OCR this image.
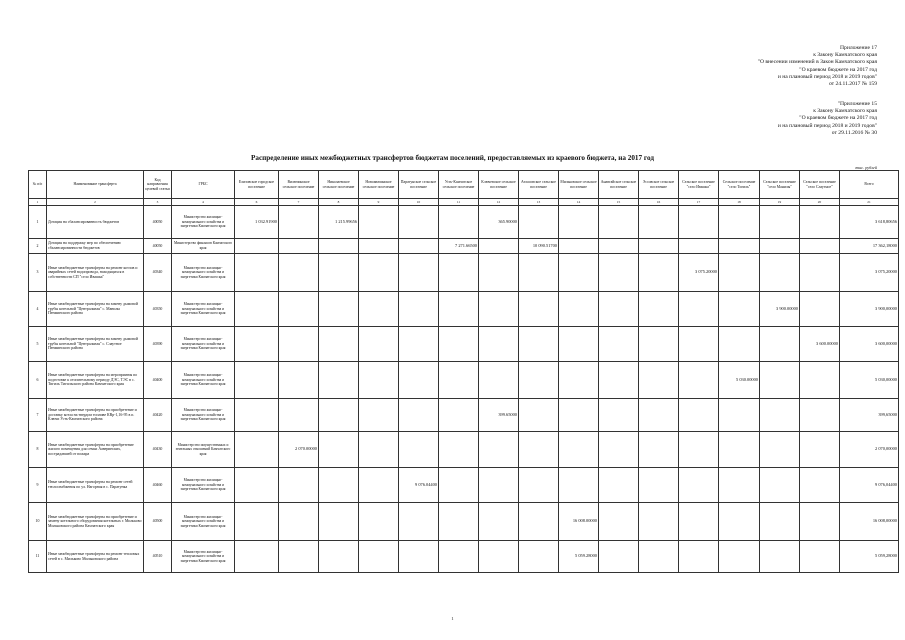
Приложение 17
к Закону Камчатского края
"О внесении изменений в Закон Камчатского края
"О краевом бюджете на 2017 год
и на плановый период 2018 и 2019 годов"
от 24.11.2017 № 159
"Приложение 15
к Закону Камчатского края
"О краевом бюджете на 2017 год
и на плановый период 2018 и 2019 годов"
от 29.11.2016 № 30
Распределение иных межбюджетных трансфертов бюджетам поселений, предоставляемых из краевого бюджета, на 2017 год
тыс. рублей
№ п/п	Наименование трансферта	Код направления целевой статьи	ГРБС	Елизовское городское поселение	Вилючинское сельское поселение	Николаевское сельское поселение	Новоавачинское сельское поселение	Паратунское сельское поселение	Усть-Камчатское сельское поселение	Ключевское сельское поселение	Атласовское сельское поселение	Мильковское сельское поселение	Анавгайское сельское поселение	Эссовское сельское поселение	Сельское поселение "село Ивашка"	Сельское поселение "село Тигиль"	Сельское поселение "село Манилы"	Сельское поселение "село Слаутное"	Всего
1	2	3	4	6	7	8	9	10	11	12	13	14	15	16	17	18	19	20	21
1	Дотация на сбалансированность бюджетов	40050	Министерство жилищно-коммунального хозяйства и энергетики Камчатского края	1 032.91900		1 215.99656				365.90000									3 618,80656
2	Дотация на поддержку мер по обеспечению сбалансированности бюджетов	40050	Министерство финансов Камчатского края						7 271.66500		10 090.51700								17 362,18000
3	Иные межбюджетные трансферты на ремонт котлов и аварийных сетей водопровода, находящихся в собственности СП "село Ивашка"	40340	Министерство жилищно-коммунального хозяйства и энергетики Камчатского края												3 075.20000				3 075,20000
4	Иные межбюджетные трансферты на замену дымовой трубы котельной "Центральная" с. Манилы Пенжинского района	40350	Министерство жилищно-коммунального хозяйства и энергетики Камчатского края														3 900.00000		3 900,00000
5	Иные межбюджетные трансферты на замену дымовой трубы котельной "Центральная" с. Слаутное Пенжинского района	40390	Министерство жилищно-коммунального хозяйства и энергетики Камчатского края															3 600.00000	3 600,00000
6	Иные межбюджетные трансферты на мероприятия по подготовке к отопительному периоду ДЭС, ТЭС в с. Тигиль Тигильского района Камчатского края	40400	Министерство жилищно-коммунального хозяйства и энергетики Камчатского края													5 030.00000			5 030,00000
7	Иные межбюджетные трансферты на приобретение и доставку котла на твердом топливе КВр-1,16-95 в п. Ключи Усть-Камчатского района	40420	Министерство жилищно-коммунального хозяйства и энергетики Камчатского края							399.65000									399,65000
8	Иные межбюджетные трансферты на приобретение жилого помещения для семьи Ааверинских, пострадавшей от пожара	40430	Министерство имущественных и земельных отношений Камчатского края		2 070.00000														2 070,00000
9	Иные межбюджетные трансферты на ремонт сетей теплоснабжения по ул. Нагорная в с. Паратунка	40460	Министерство жилищно-коммунального хозяйства и энергетики Камчатского края					9 076.04400											9 076,04400
10	Иные межбюджетные трансферты на приобретение и замену котельного оборудования котельных г. Мильково Мильковского района Камчатского края	40500	Министерство жилищно-коммунального хозяйства и энергетики Камчатского края									16 008.00000							16 008,00000
11	Иные межбюджетные трансферты на ремонт тепловых сетей в с. Мильково Мильковского района	40510	Министерство жилищно-коммунального хозяйства и энергетики Камчатского края									5 059.28000							5 059,28000
1
